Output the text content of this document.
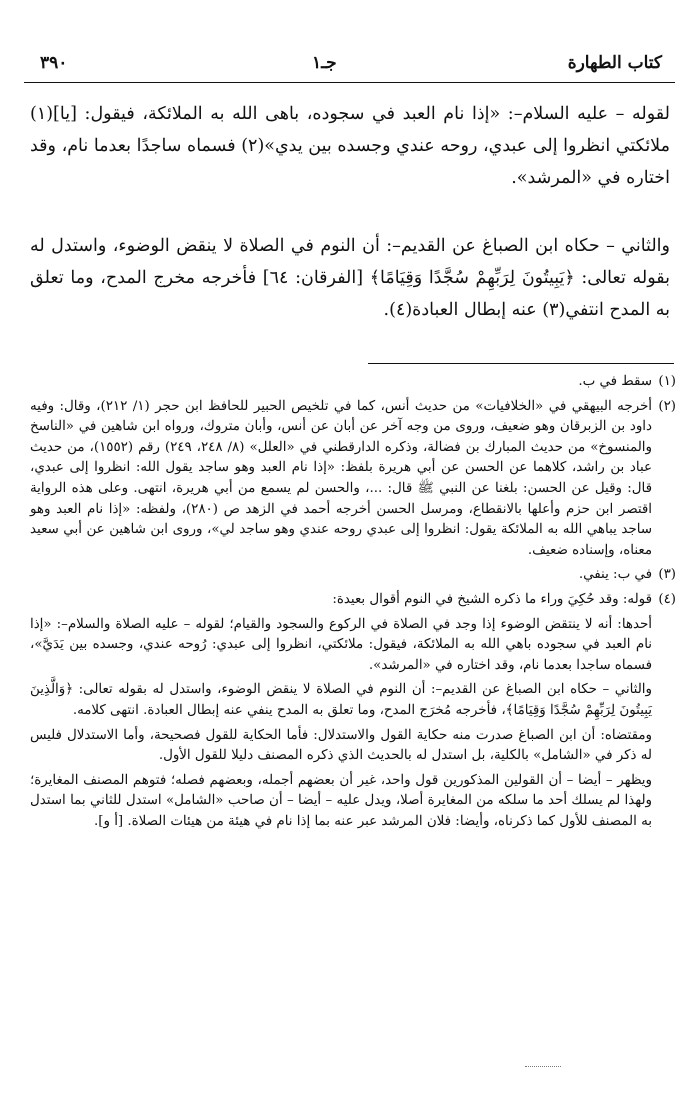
٣٩٠	جـ١	كتاب الطهارة

لقوله – عليه السلام–: «إذا نام العبد في سجوده، باهى الله به الملائكة، فيقول: [يا](١) ملائكتي انظروا إلى عبدي، روحه عندي وجسده بين يدي»(٢) فسماه ساجدًا بعدما نام، وقد اختاره في «المرشد».

والثاني – حكاه ابن الصباغ عن القديم–: أن النوم في الصلاة لا ينقض الوضوء، واستدل له بقوله تعالى: ﴿يَبِيتُونَ لِرَبِّهِمْ سُجَّدًا وَقِيَامًا﴾ [الفرقان: ٦٤] فأخرجه مخرج المدح، وما تعلق به المدح انتفي(٣) عنه إبطال العبادة(٤).

(١)

سقط في ب.

(٢)

أخرجه البيهقي في «الخلافيات» من حديث أنس، كما في تلخيص الحبير للحافظ ابن حجر (١/ ٢١٢)، وقال: وفيه داود بن الزبرقان وهو ضعيف، وروى من وجه آخر عن أبان عن أنس، وأبان متروك، ورواه ابن شاهين في «الناسخ والمنسوخ» من حديث المبارك بن فضالة، وذكره الدارقطني في «العلل» (٨/ ٢٤٨، ٢٤٩) رقم (١٥٥٢)، من حديث عباد بن راشد، كلاهما عن الحسن عن أبي هريرة بلفظ: «إذا نام العبد وهو ساجد يقول الله: انظروا إلى عبدي، قال: وقيل عن الحسن: بلغنا عن النبي ﷺ قال: ...، والحسن لم يسمع من أبي هريرة، انتهى. وعلى هذه الرواية اقتصر ابن حزم وأعلها بالانقطاع، ومرسل الحسن أخرجه أحمد في الزهد ص (٢٨٠)، ولفظه: «إذا نام العبد وهو ساجد يباهي الله به الملائكة يقول: انظروا إلى عبدي روحه عندي وهو ساجد لي»، وروى ابن شاهين عن أبي سعيد معناه، وإسناده ضعيف.

(٣)

في ب: ينفي.

(٤)

قوله: وقد حُكِيَ وراء ما ذكره الشيخ في النوم أقوال بعيدة:

أحدها: أنه لا ينتقض الوضوء إذا وجد في الصلاة في الركوع والسجود والقيام؛ لقوله – عليه الصلاة والسلام–: «إذا نام العبد في سجوده باهي الله به الملائكة، فيقول: ملائكتي، انظروا إلى عبدي: رُوحه عندي، وجسده بين يَدَيَّ»، فسماه ساجدا بعدما نام، وقد اختاره في «المرشد».

والثاني – حكاه ابن الصباغ عن القديم–: أن النوم في الصلاة لا ينقض الوضوء، واستدل له بقوله تعالى: ﴿وَالَّذِينَ يَبِيتُونَ لِرَبِّهِمْ سُجَّدًا وَقِيَامًا﴾، فأخرجه مُخرَج المدح، وما تعلق به المدح ينفي عنه إبطال العبادة. انتهى كلامه.

ومقتضاه: أن ابن الصباغ صدرت منه حكاية القول والاستدلال: فأما الحكاية للقول فصحيحة، وأما الاستدلال فليس له ذكر في «الشامل» بالكلية، بل استدل له بالحديث الذي ذكره المصنف دليلا للقول الأول.

ويظهر – أيضا – أن القولين المذكورين قول واحد، غير أن بعضهم أجمله، وبعضهم فصله؛ فتوهم المصنف المغايرة؛ ولهذا لم يسلك أحد ما سلكه من المغايرة أصلا، ويدل عليه – أيضا – أن صاحب «الشامل» استدل للثاني بما استدل به المصنف للأول كما ذكرناه، وأيضا: فلان المرشد عبر عنه بما إذا نام في هيئة من هيئات الصلاة. [أ و].
